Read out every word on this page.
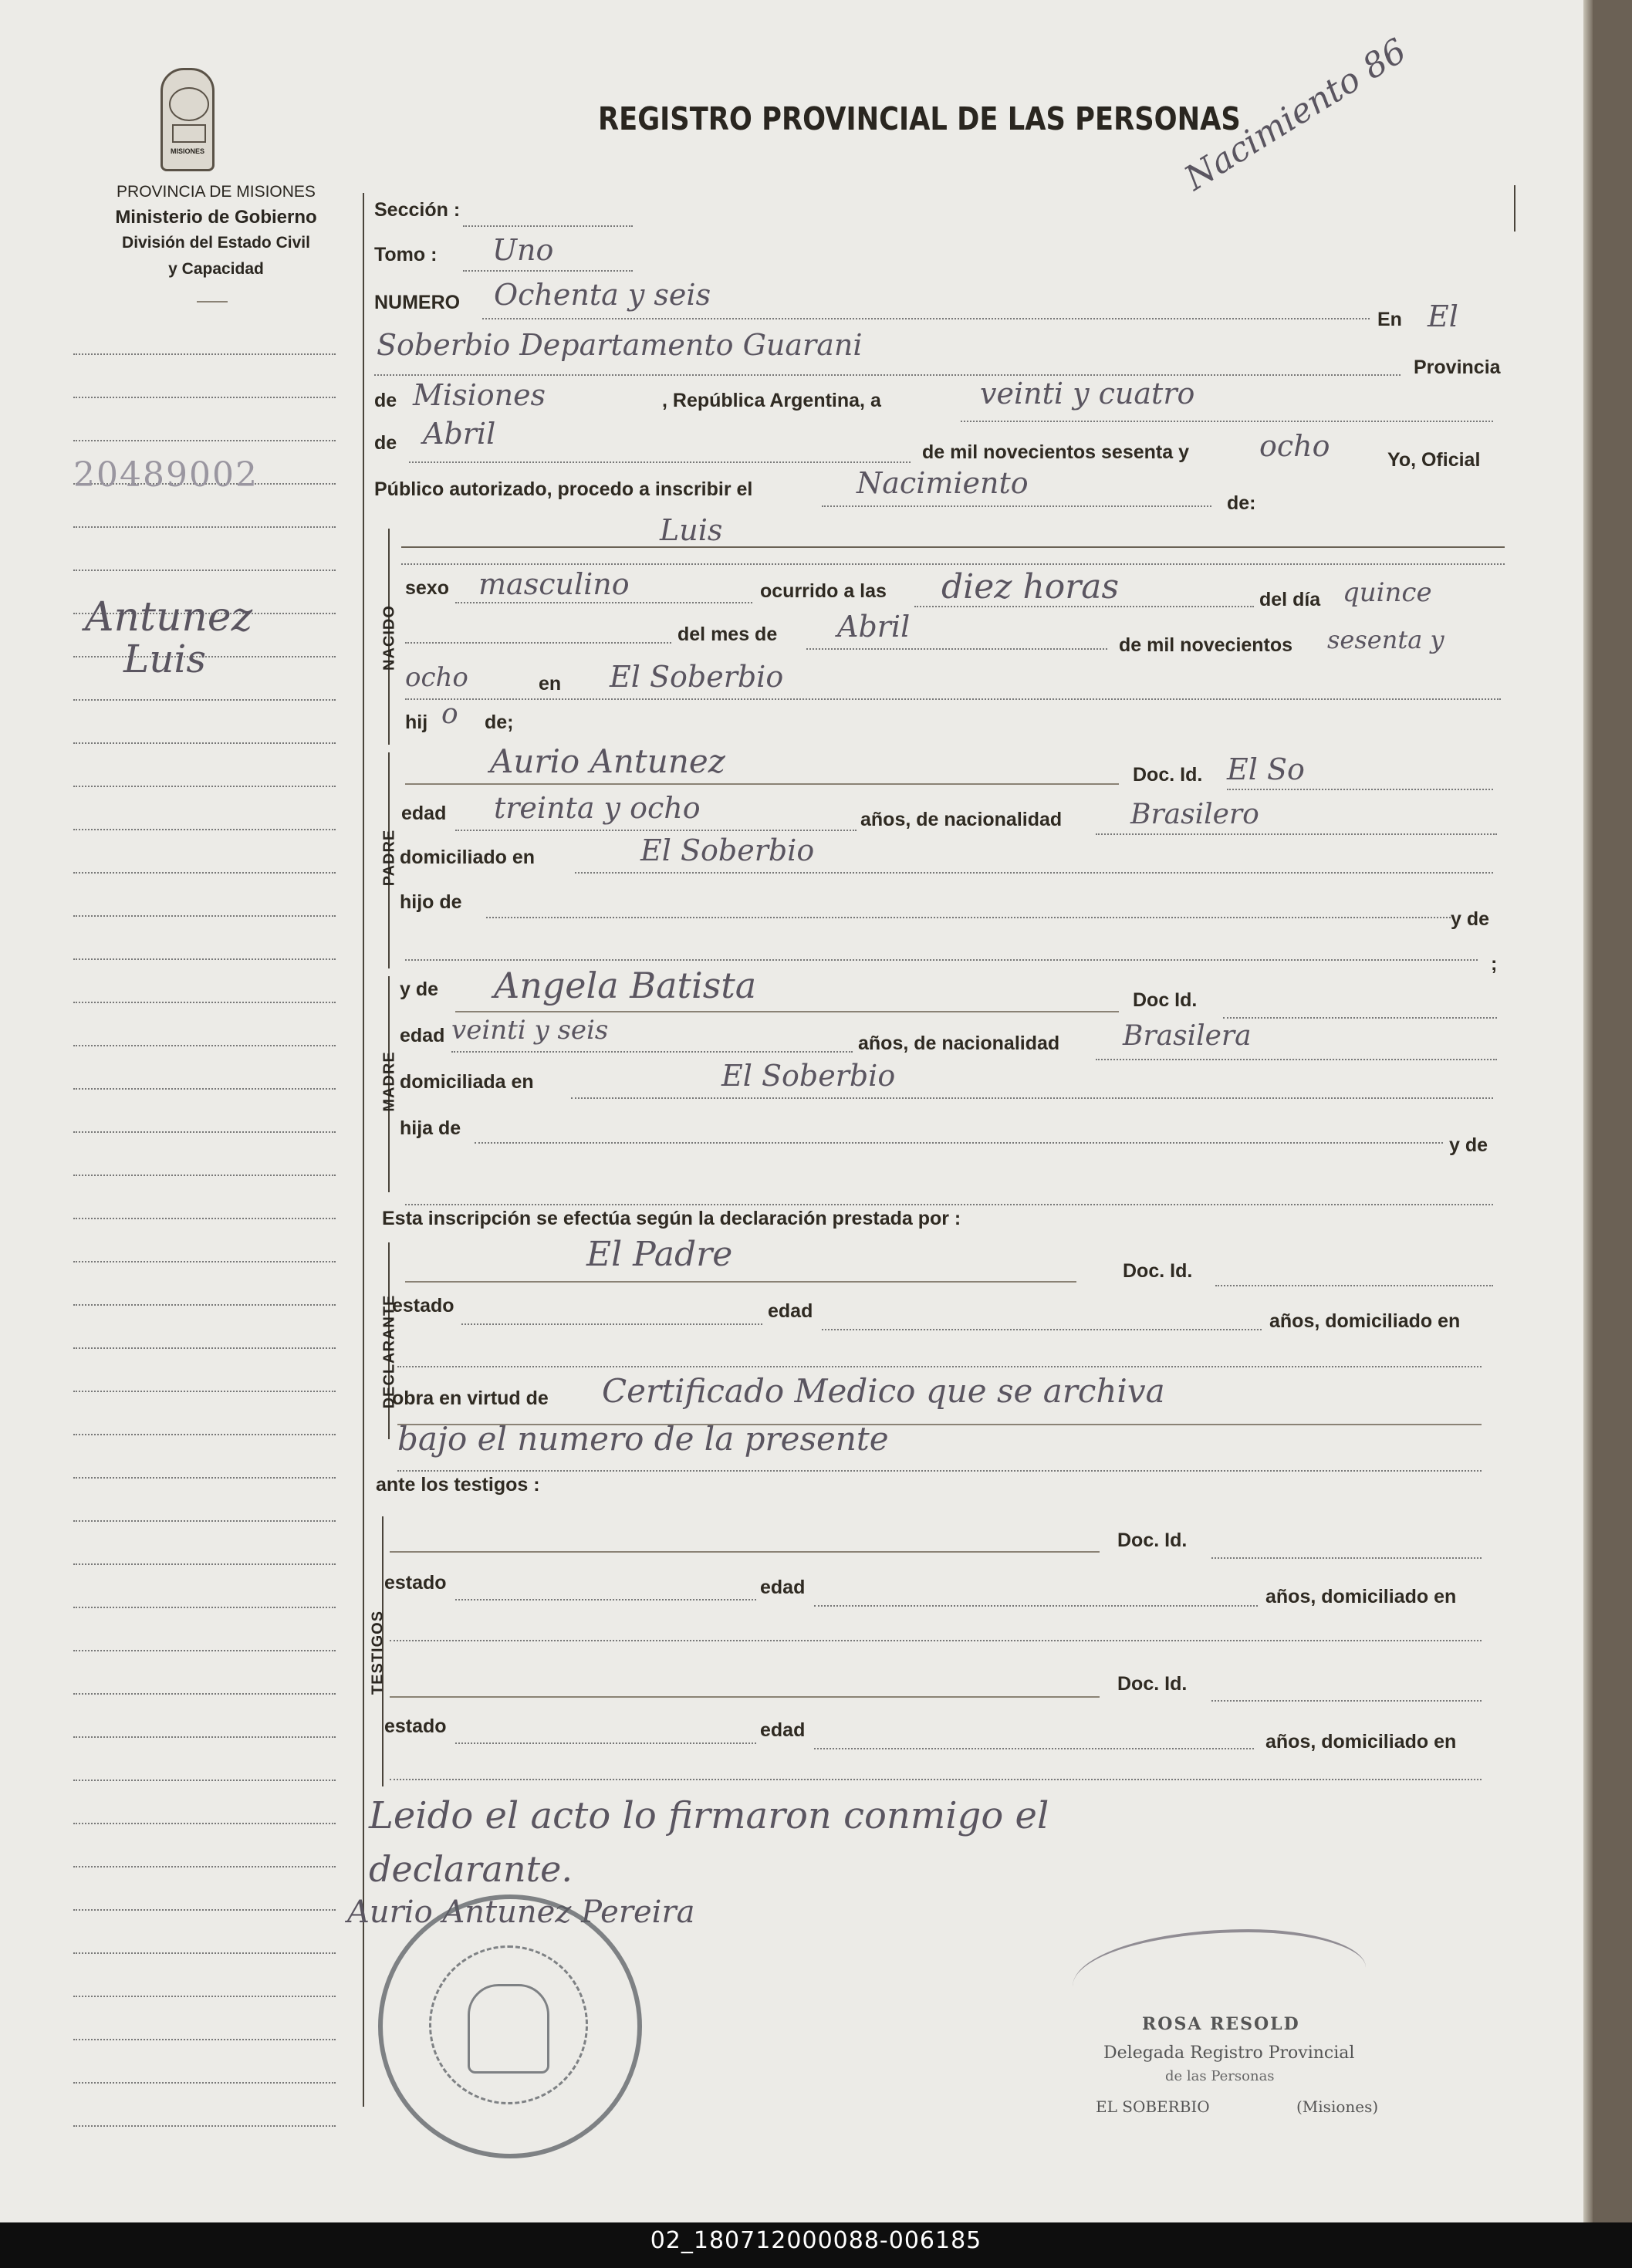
MISIONES
PROVINCIA DE MISIONES
Ministerio de Gobierno
División del Estado Civil
y Capacidad
REGISTRO PROVINCIAL DE LAS PERSONAS
Nacimiento 86
20489002
Antunez
Luis
Sección :
Tomo : Uno
NUMERO Ochenta y seis
En El
Soberbio Departamento Guarani
Provincia
de Misiones	, República Argentina, a	veinti y cuatro
de Abril
de mil novecientos sesenta y ocho	Yo, Oficial
Público autorizado, procedo a inscribir el	Nacimiento
de:
NACIDO
Luis
sexo masculino	ocurrido a las diez horas	del día quince
del mes de Abril
de mil novecientos sesenta y
ocho	en El Soberbio
hij o de;
PADRE
Aurio Antunez	Doc. Id. El So
edad treinta y ocho	años, de nacionalidad Brasilero
domiciliado en	El Soberbio
hijo de
y de
;
MADRE
y de Angela Batista	Doc Id.
edad veinti y seis	años, de nacionalidad Brasilera
domiciliada en	El Soberbio
hija de
y de
Esta inscripción se efectúa según la declaración prestada por :
DECLARANTE
El Padre	Doc. Id.
estado	edad	años, domiciliado en
obra en virtud de Certificado Medico que se archiva
bajo el numero de la presente
ante los testigos :
TESTIGOS
Doc. Id.
estado	edad	años, domiciliado en
Doc. Id.
estado	edad
años, domiciliado en
Leido el acto lo firmaron conmigo el
declarante.
Aurio Antunez Pereira
ROSA RESOLD
Delegada Registro Provincial
de las Personas
EL SOBERBIO	(Misiones)
02_180712000088-006185
